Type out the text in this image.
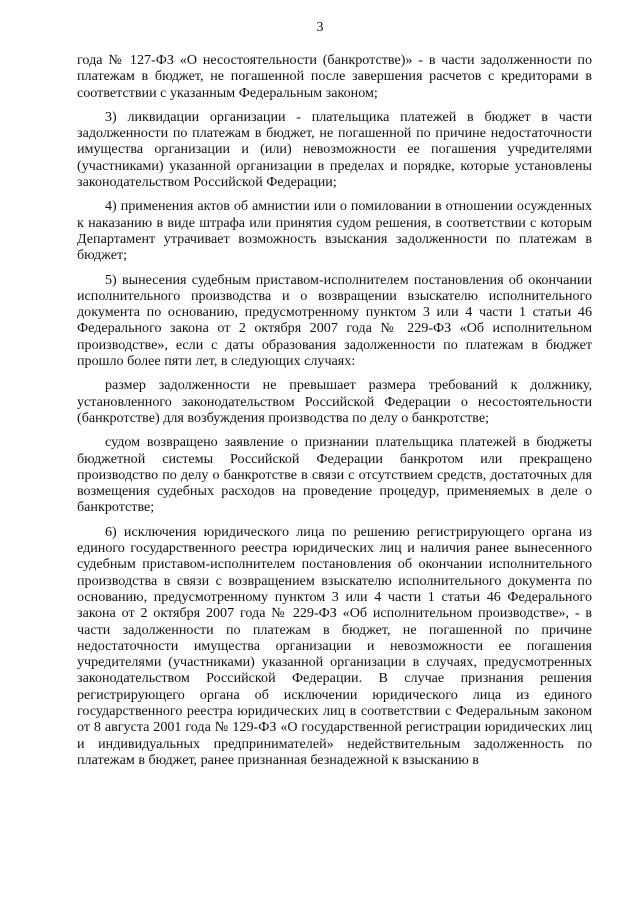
3

года № 127-ФЗ «О несостоятельности (банкротстве)» - в части задолженности по платежам в бюджет, не погашенной после завершения расчетов с кредиторами в соответствии с указанным Федеральным законом;

3) ликвидации организации - плательщика платежей в бюджет в части задолженности по платежам в бюджет, не погашенной по причине недостаточности имущества организации и (или) невозможности ее погашения учредителями (участниками) указанной организации в пределах и порядке, которые установлены законодательством Российской Федерации;

4) применения актов об амнистии или о помиловании в отношении осужденных к наказанию в виде штрафа или принятия судом решения, в соответствии с которым Департамент утрачивает возможность взыскания задолженности по платежам в бюджет;

5) вынесения судебным приставом-исполнителем постановления об окончании исполнительного производства и о возвращении взыскателю исполнительного документа по основанию, предусмотренному пунктом 3 или 4 части 1 статьи 46 Федерального закона от 2 октября 2007 года № 229-ФЗ «Об исполнительном производстве», если с даты образования задолженности по платежам в бюджет прошло более пяти лет, в следующих случаях:

размер задолженности не превышает размера требований к должнику, установленного законодательством Российской Федерации о несостоятельности (банкротстве) для возбуждения производства по делу о банкротстве;

судом возвращено заявление о признании плательщика платежей в бюджеты бюджетной системы Российской Федерации банкротом или прекращено производство по делу о банкротстве в связи с отсутствием средств, достаточных для возмещения судебных расходов на проведение процедур, применяемых в деле о банкротстве;

6) исключения юридического лица по решению регистрирующего органа из единого государственного реестра юридических лиц и наличия ранее вынесенного судебным приставом-исполнителем постановления об окончании исполнительного производства в связи с возвращением взыскателю исполнительного документа по основанию, предусмотренному пунктом 3 или 4 части 1 статьи 46 Федерального закона от 2 октября 2007 года № 229-ФЗ «Об исполнительном производстве», - в части задолженности по платежам в бюджет, не погашенной по причине недостаточности имущества организации и невозможности ее погашения учредителями (участниками) указанной организации в случаях, предусмотренных законодательством Российской Федерации. В случае признания решения регистрирующего органа об исключении юридического лица из единого государственного реестра юридических лиц в соответствии с Федеральным законом от 8 августа 2001 года № 129-ФЗ «О государственной регистрации юридических лиц и индивидуальных предпринимателей» недействительным задолженность по платежам в бюджет, ранее признанная безнадежной к взысканию в
